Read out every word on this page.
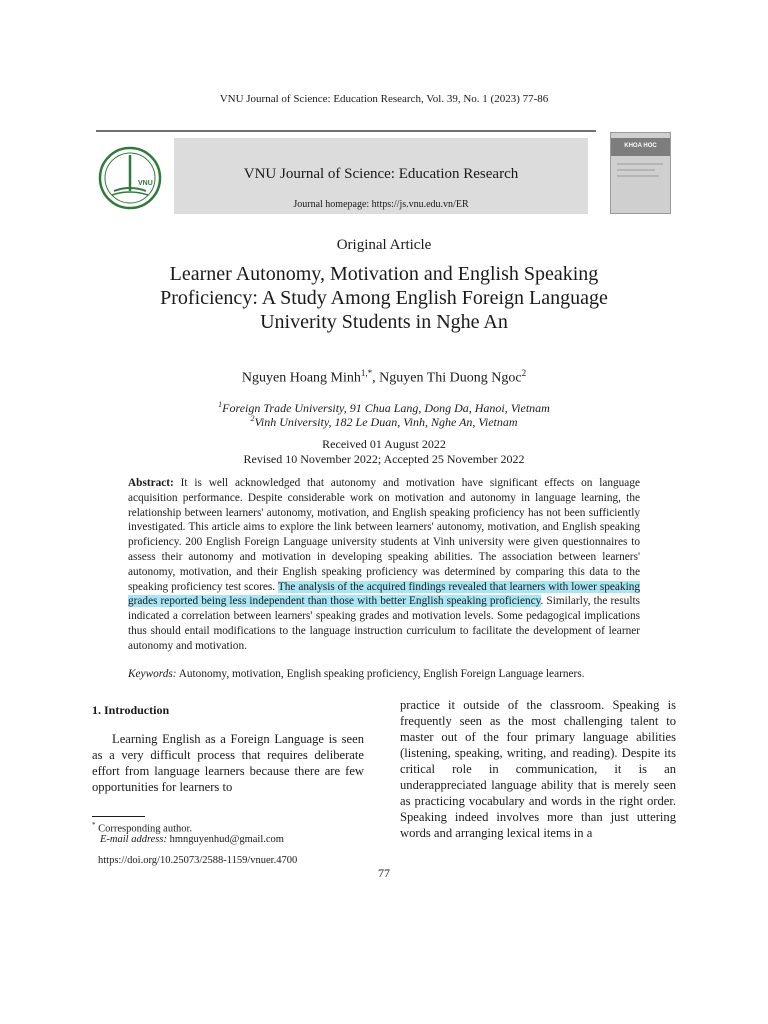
VNU Journal of Science: Education Research, Vol. 39, No. 1 (2023) 77-86
VNU
VNU Journal of Science: Education Research
Journal homepage: https://js.vnu.edu.vn/ER
KHOA HOC
Original Article
Learner Autonomy, Motivation and English Speaking
Proficiency: A Study Among English Foreign Language
Univerity Students in Nghe An
Nguyen Hoang Minh$^{1,*}$, Nguyen Thi Duong Ngoc$^2$
$^1$Foreign Trade University, 91 Chua Lang, Dong Da, Hanoi, Vietnam
$^2$Vinh University, 182 Le Duan, Vinh, Nghe An, Vietnam
Received 01 August 2022
Revised 10 November 2022; Accepted 25 November 2022
Abstract: It is well acknowledged that autonomy and motivation have significant effects on language acquisition performance. Despite considerable work on motivation and autonomy in language learning, the relationship between learners' autonomy, motivation, and English speaking proficiency has not been sufficiently investigated. This article aims to explore the link between learners' autonomy, motivation, and English speaking proficiency. 200 English Foreign Language university students at Vinh university were given questionnaires to assess their autonomy and motivation in developing speaking abilities. The association between learners' autonomy, motivation, and their English speaking proficiency was determined by comparing this data to the speaking proficiency test scores. The analysis of the acquired findings revealed that learners with lower speaking grades reported being less independent than those with better English speaking proficiency. Similarly, the results indicated a correlation between learners' speaking grades and motivation levels. Some pedagogical implications thus should entail modifications to the language instruction curriculum to facilitate the development of learner autonomy and motivation.
Keywords: Autonomy, motivation, English speaking proficiency, English Foreign Language learners.
1. Introduction
Learning English as a Foreign Language is seen as a very difficult process that requires deliberate effort from language learners because there are few opportunities for learners to
practice it outside of the classroom. Speaking is frequently seen as the most challenging talent to master out of the four primary language abilities (listening, speaking, writing, and reading). Despite its critical role in communication, it is an underappreciated language ability that is merely seen as practicing vocabulary and words in the right order. Speaking indeed involves more than just uttering words and arranging lexical items in a
* Corresponding author.
E-mail address: hmnguyenhud@gmail.com
https://doi.org/10.25073/2588-1159/vnuer.4700
77
